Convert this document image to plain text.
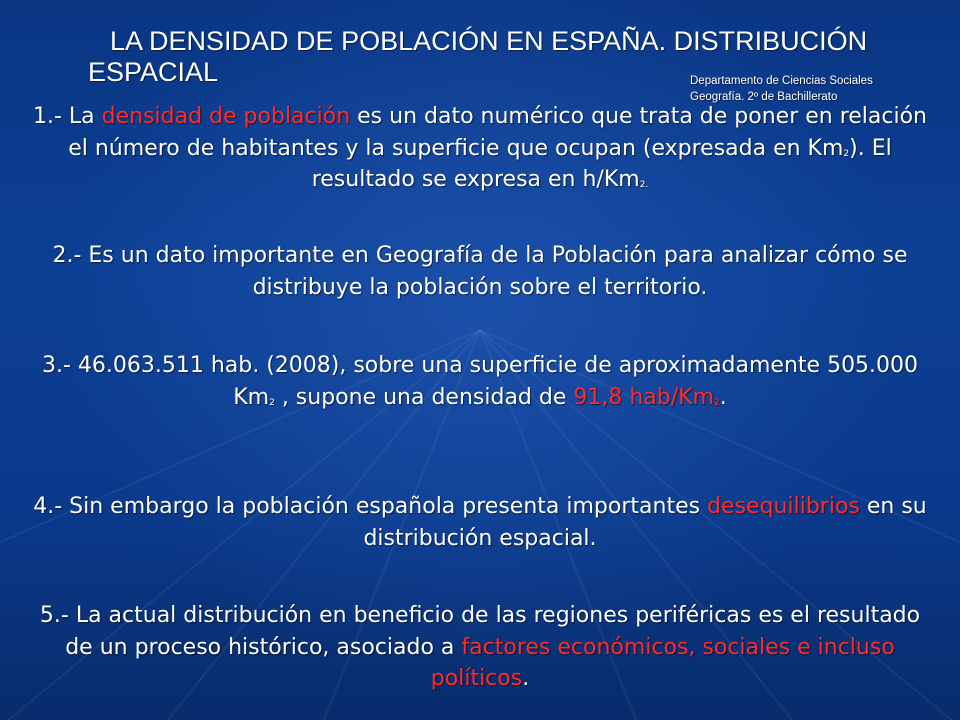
LA DENSIDAD DE POBLACIÓN EN ESPAÑA. DISTRIBUCIÓN
ESPACIAL	Departamento de Ciencias Sociales
Geografía. 2º de Bachillerato
1.- La densidad de población es un dato numérico que trata de poner en relación el número de habitantes y la superficie que ocupan (expresada en $Km_2$). El resultado se expresa en $h/Km_{2.}$
2.- Es un dato importante en Geografía de la Población para analizar cómo se distribuye la población sobre el territorio.
3.- 46.063.511 hab. (2008), sobre una superficie de aproximadamente 505.000 $Km_2$ , supone una densidad de 91,8 hab/$Km_2$.
4.- Sin embargo la población española presenta importantes desequilibrios en su distribución espacial.
5.- La actual distribución en beneficio de las regiones periféricas es el resultado de un proceso histórico, asociado a factores económicos, sociales e incluso políticos.
